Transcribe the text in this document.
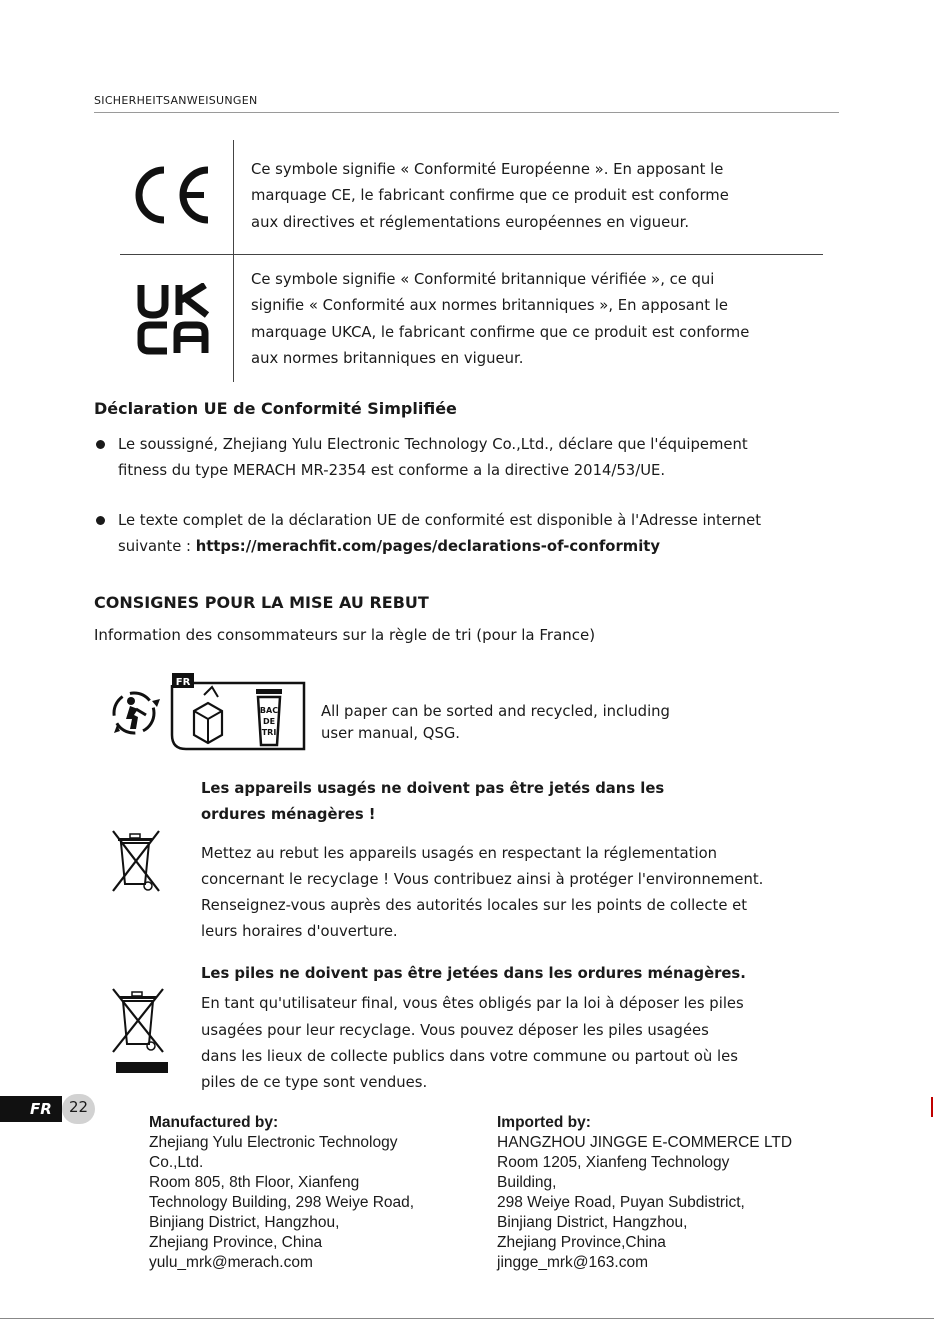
SICHERHEITSANWEISUNGEN
Ce symbole signifie « Conformité Européenne ». En apposant le
marquage CE, le fabricant confirme que ce produit est conforme
aux directives et réglementations européennes en vigueur.
Ce symbole signifie « Conformité britannique vérifiée », ce qui
signifie « Conformité aux normes britanniques », En apposant le
marquage UKCA, le fabricant confirme que ce produit est conforme
aux normes britanniques en vigueur.
Déclaration UE de Conformité Simplifiée
Le soussigné, Zhejiang Yulu Electronic Technology Co.,Ltd., déclare que l'équipement
fitness du type MERACH MR-2354 est conforme a la directive 2014/53/UE.
Le texte complet de la déclaration UE de conformité est disponible à l'Adresse internet
suivante : https://merachfit.com/pages/declarations-of-conformity
CONSIGNES POUR LA MISE AU REBUT
Information des consommateurs sur la règle de tri (pour la France)
FR
BAC
DE
TRI
All paper can be sorted and recycled, including
user manual, QSG.
Les appareils usagés ne doivent pas être jetés dans les
ordures ménagères !
Mettez au rebut les appareils usagés en respectant la réglementation
concernant le recyclage ! Vous contribuez ainsi à protéger l'environnement.
Renseignez-vous auprès des autorités locales sur les points de collecte et
leurs horaires d'ouverture.
Les piles ne doivent pas être jetées dans les ordures ménagères.
En tant qu'utilisateur final, vous êtes obligés par la loi à déposer les piles
usagées pour leur recyclage. Vous pouvez déposer les piles usagées
dans les lieux de collecte publics dans votre commune ou partout où les
piles de ce type sont vendues.
FR	22
Manufactured by:
Zhejiang Yulu Electronic Technology
Co.,Ltd.
Room 805, 8th Floor, Xianfeng
Technology Building, 298 Weiye Road,
Binjiang District, Hangzhou,
Zhejiang Province, China
yulu_mrk@merach.com
Imported by:
HANGZHOU JINGGE E-COMMERCE LTD
Room 1205, Xianfeng Technology
Building,
298 Weiye Road, Puyan Subdistrict,
Binjiang District, Hangzhou,
Zhejiang Province,China
jingge_mrk@163.com
